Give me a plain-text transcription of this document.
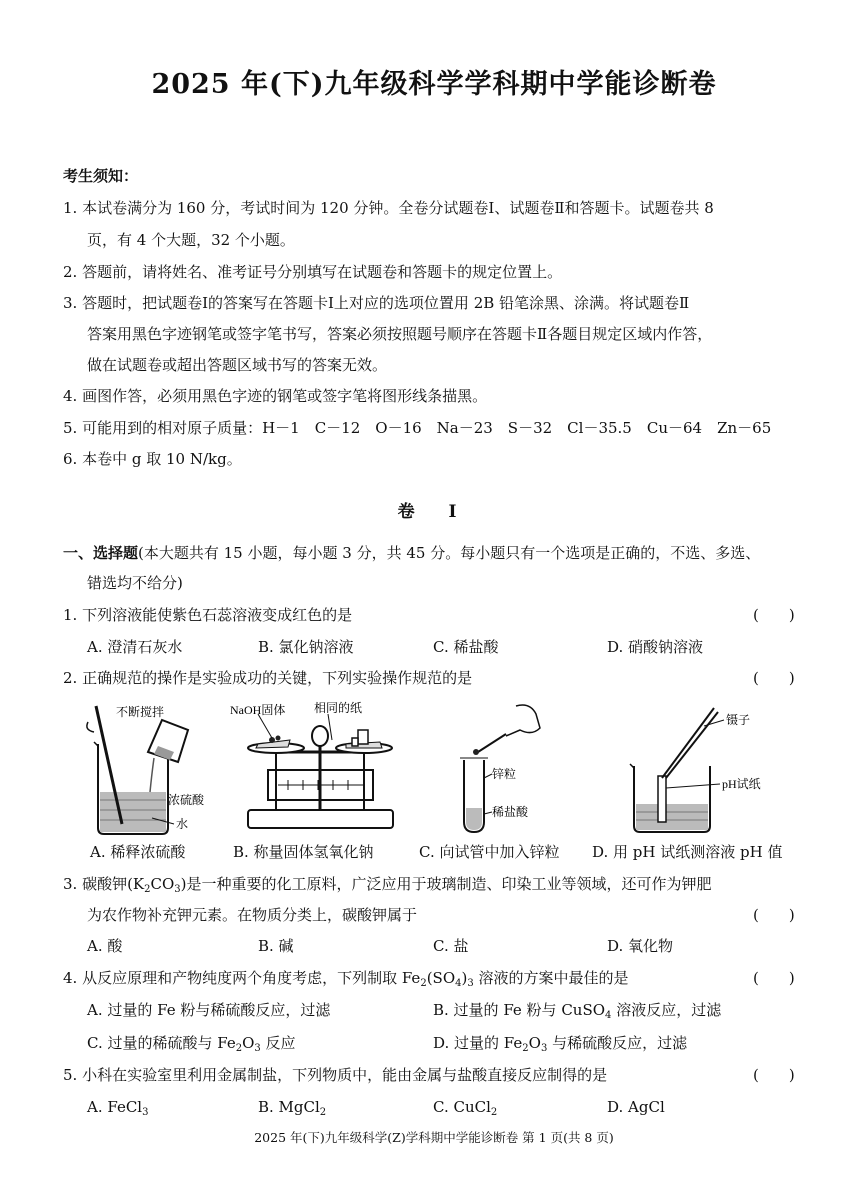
2025 年(下)九年级科学学科期中学能诊断卷
考生须知：
1. 本试卷满分为 160 分，考试时间为 120 分钟。全卷分试题卷Ⅰ、试题卷Ⅱ和答题卡。试题卷共 8
页，有 4 个大题，32 个小题。
2. 答题前，请将姓名、准考证号分别填写在试题卷和答题卡的规定位置上。
3. 答题时，把试题卷Ⅰ的答案写在答题卡Ⅰ上对应的选项位置用 2B 铅笔涂黑、涂满。将试题卷Ⅱ
答案用黑色字迹钢笔或签字笔书写，答案必须按照题号顺序在答题卡Ⅱ各题目规定区域内作答，
做在试题卷或超出答题区域书写的答案无效。
4. 画图作答，必须用黑色字迹的钢笔或签字笔将图形线条描黑。
5. 可能用到的相对原子质量：H－1　C－12　O－16　Na－23　S－32　Cl－35.5　Cu－64　Zn－65
6. 本卷中 g 取 10 N/kg。
卷 Ⅰ
一、选择题(本大题共有 15 小题，每小题 3 分，共 45 分。每小题只有一个选项是正确的，不选、多选、
错选均不给分)
1. 下列溶液能使紫色石蕊溶液变成红色的是	(　　)
A. 澄清石灰水	B. 氯化钠溶液	C. 稀盐酸	D. 硝酸钠溶液
2. 正确规范的操作是实验成功的关键，下列实验操作规范的是	(　　)
不断搅拌
浓硫酸
水
NaOH固体 相同的纸
锌粒
稀盐酸
镊子
pH试纸
A. 稀释浓硫酸	B. 称量固体氢氧化钠	C. 向试管中加入锌粒 D. 用 pH 试纸测溶液 pH 值
3. 碳酸钾$(K_2CO_3)$是一种重要的化工原料，广泛应用于玻璃制造、印染工业等领域，还可作为钾肥
为农作物补充钾元素。在物质分类上，碳酸钾属于	(　　)
A. 酸	B. 碱	C. 盐	D. 氧化物
4. 从反应原理和产物纯度两个角度考虑，下列制取 $Fe_2(SO_4)_3$ 溶液的方案中最佳的是	(　　)
A. 过量的 Fe 粉与稀硫酸反应，过滤	B. 过量的 Fe 粉与 CuSO$_4$ 溶液反应，过滤
C. 过量的稀硫酸与 $Fe_2O_3$ 反应	D. 过量的 $Fe_2O_3$ 与稀硫酸反应，过滤
5. 小科在实验室里利用金属制盐，下列物质中，能由金属与盐酸直接反应制得的是	(　　)
A. FeCl$_3$	B. MgCl$_2$	C. CuCl$_2$	D. AgCl
2025 年(下)九年级科学(Z)学科期中学能诊断卷 第 1 页(共 8 页)
